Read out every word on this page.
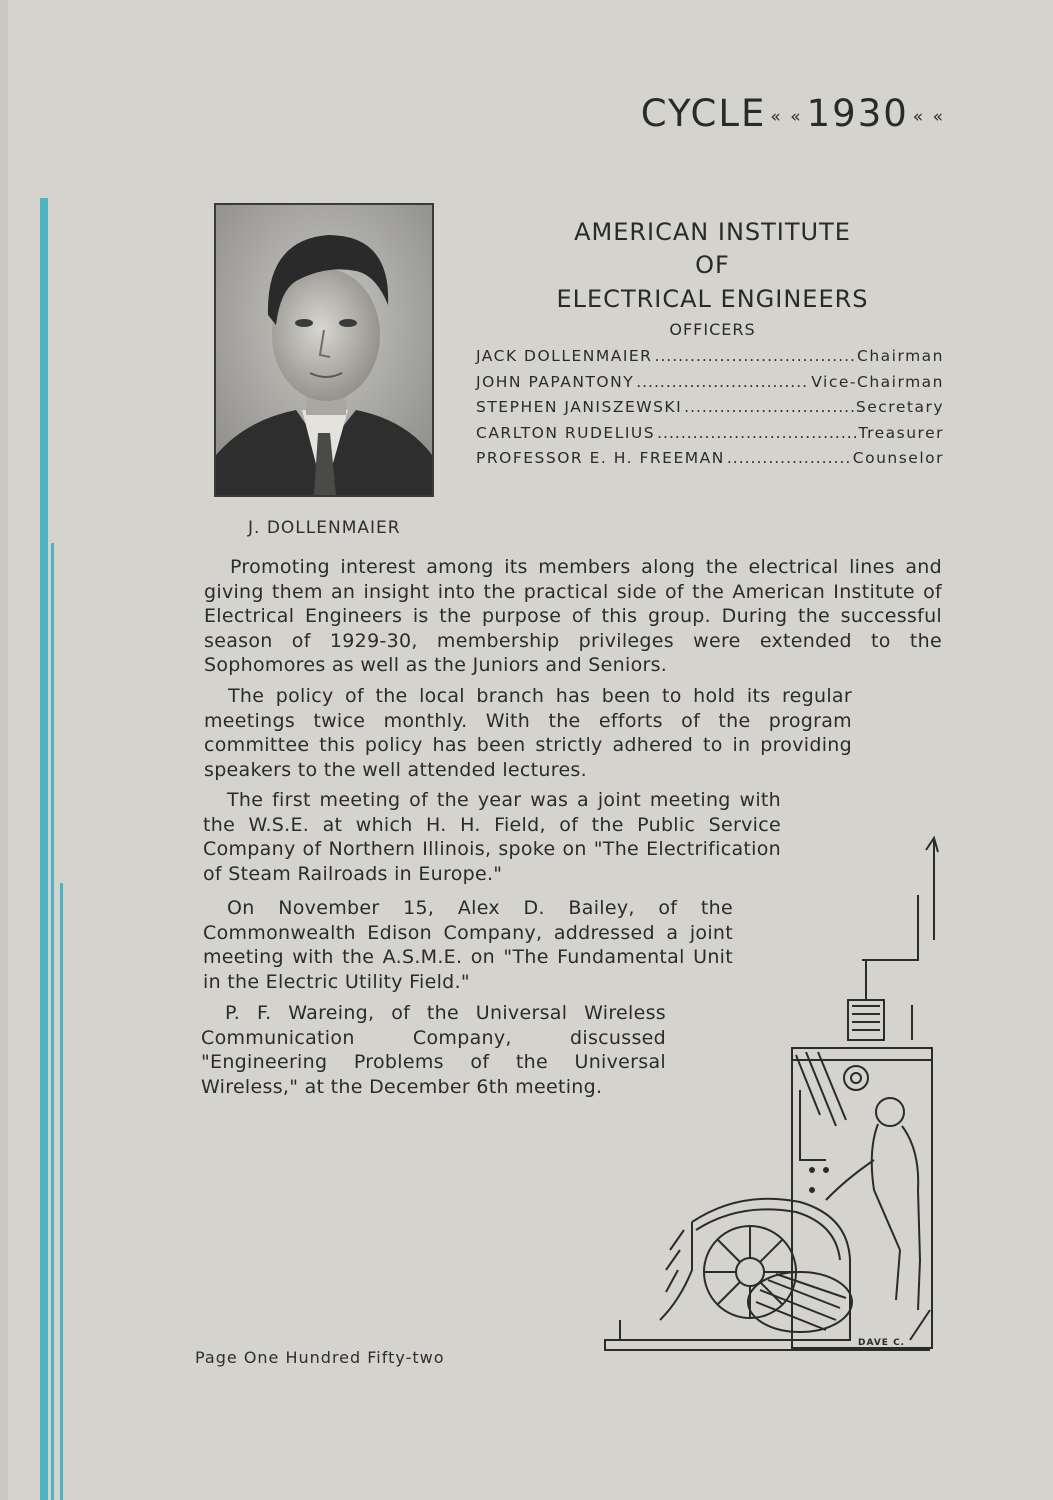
CYCLE « « 1930 « «
J. DOLLENMAIER
AMERICAN INSTITUTE
OF
ELECTRICAL ENGINEERS
OFFICERS
JACK DOLLENMAIER .....	Chairman
JOHN PAPANTONY .....	Vice-Chairman
STEPHEN JANISZEWSKI .....	Secretary
CARLTON RUDELIUS .....	Treasurer
PROFESSOR E. H. FREEMAN .....	Counselor

Promoting interest among its members along the electrical lines and giving them an insight into the practical side of the American Institute of Electrical Engineers is the purpose of this group. During the successful season of 1929-30, membership privileges were extended to the Sophomores as well as the Juniors and Seniors.

The policy of the local branch has been to hold its regular meetings twice monthly. With the efforts of the program committee this policy has been strictly adhered to in providing speakers to the well attended lectures.

The first meeting of the year was a joint meeting with the W.S.E. at which H. H. Field, of the Public Service Company of Northern Illinois, spoke on "The Electrification of Steam Railroads in Europe."

On November 15, Alex D. Bailey, of the Commonwealth Edison Company, addressed a joint meeting with the A.S.M.E. on "The Fundamental Unit in the Electric Utility Field."

P. F. Wareing, of the Universal Wireless Communication Company, discussed "Engineering Problems of the Universal Wireless," at the December 6th meeting.

DAVE C.
Page One Hundred Fifty-two
